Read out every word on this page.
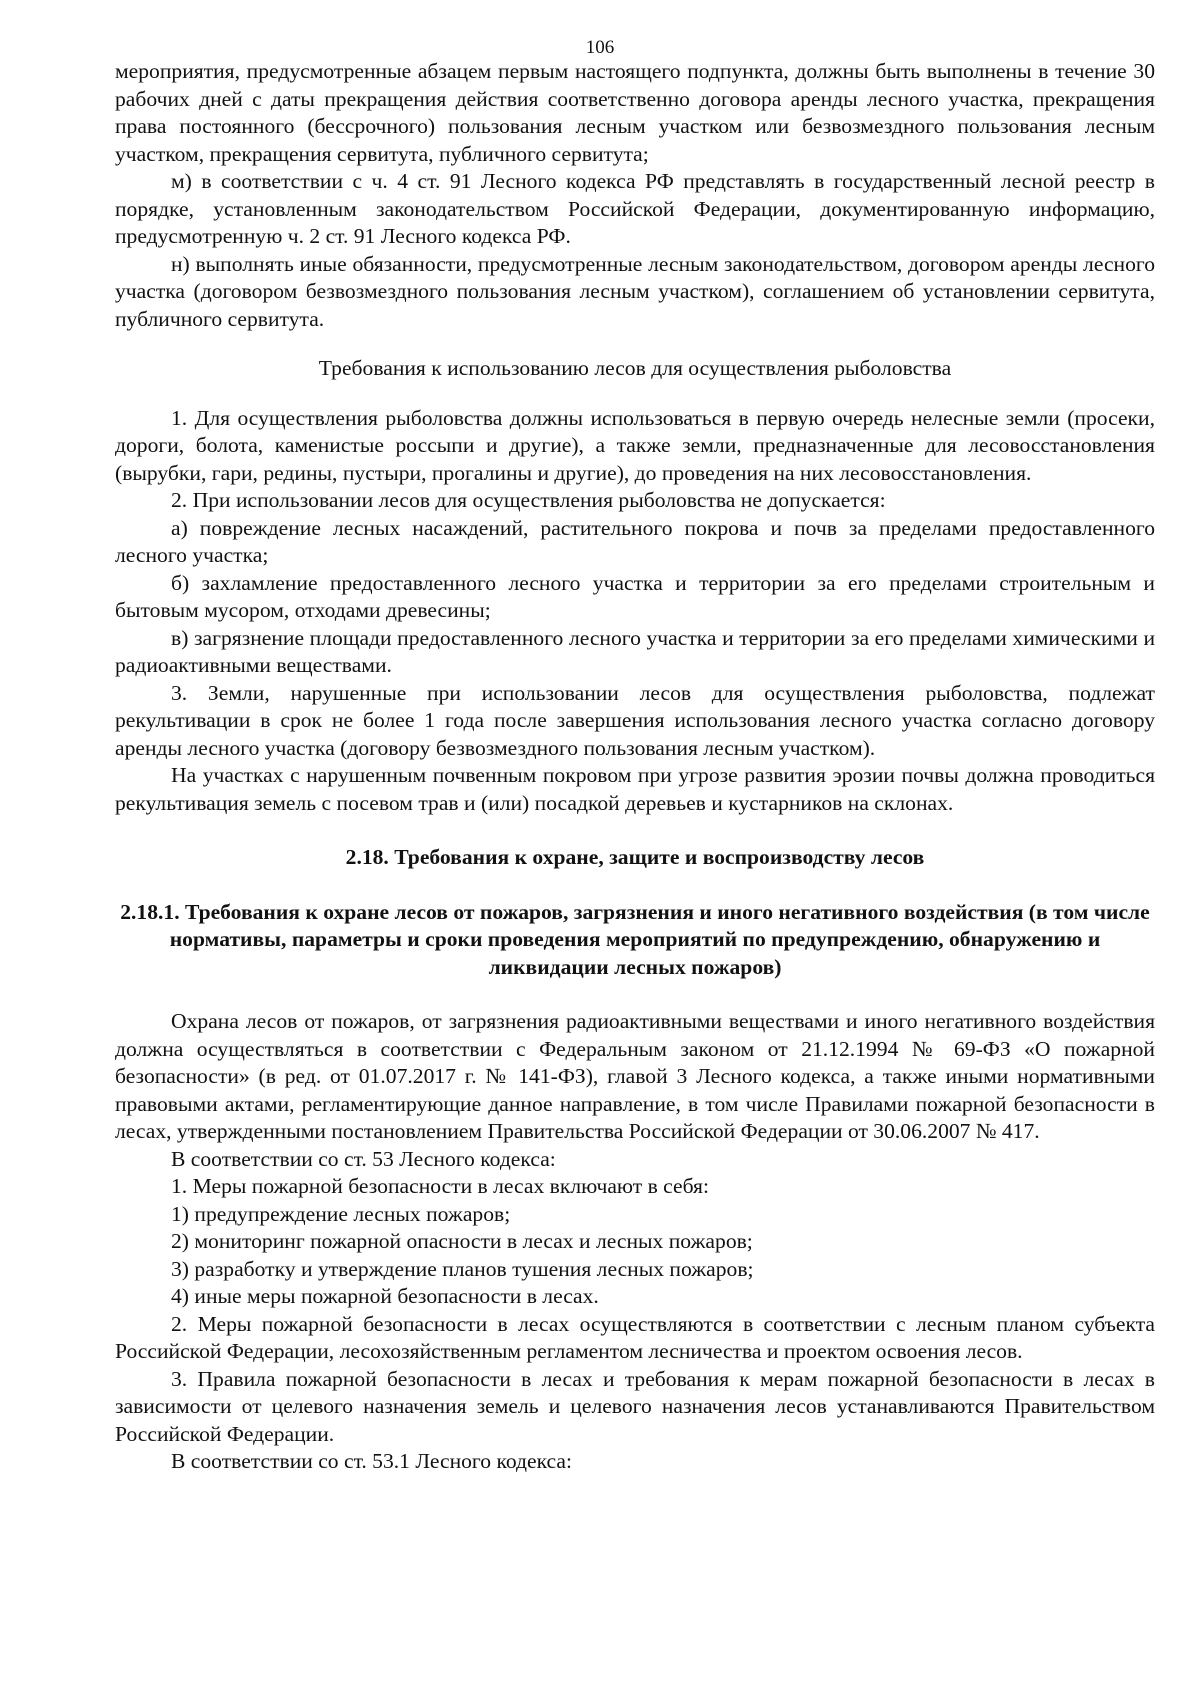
106

мероприятия, предусмотренные абзацем первым настоящего подпункта, должны быть выполнены в течение 30 рабочих дней с даты прекращения действия соответственно договора аренды лесного участка, прекращения права постоянного (бессрочного) пользования лесным участком или безвозмездного пользования лесным участком, прекращения сервитута, публичного сервитута;

м) в соответствии с ч. 4 ст. 91 Лесного кодекса РФ представлять в государственный лесной реестр в порядке, установленным законодательством Российской Федерации, документированную информацию, предусмотренную ч. 2 ст. 91 Лесного кодекса РФ.

н) выполнять иные обязанности, предусмотренные лесным законодательством, договором аренды лесного участка (договором безвозмездного пользования лесным участком), соглашением об установлении сервитута, публичного сервитута.

Требования к использованию лесов для осуществления рыболовства

1. Для осуществления рыболовства должны использоваться в первую очередь нелесные земли (просеки, дороги, болота, каменистые россыпи и другие), а также земли, предназначенные для лесовосстановления (вырубки, гари, редины, пустыри, прогалины и другие), до проведения на них лесовосстановления.

2. При использовании лесов для осуществления рыболовства не допускается:

а) повреждение лесных насаждений, растительного покрова и почв за пределами предоставленного лесного участка;

б) захламление предоставленного лесного участка и территории за его пределами строительным и бытовым мусором, отходами древесины;

в) загрязнение площади предоставленного лесного участка и территории за его пределами химическими и радиоактивными веществами.

3. Земли, нарушенные при использовании лесов для осуществления рыболовства, подлежат рекультивации в срок не более 1 года после завершения использования лесного участка согласно договору аренды лесного участка (договору безвозмездного пользования лесным участком).

На участках с нарушенным почвенным покровом при угрозе развития эрозии почвы должна проводиться рекультивация земель с посевом трав и (или) посадкой деревьев и кустарников на склонах.

2.18. Требования к охране, защите и воспроизводству лесов

2.18.1. Требования к охране лесов от пожаров, загрязнения и иного негативного воздействия (в том числе нормативы, параметры и сроки проведения мероприятий по предупреждению, обнаружению и ликвидации лесных пожаров)

Охрана лесов от пожаров, от загрязнения радиоактивными веществами и иного негативного воздействия должна осуществляться в соответствии с Федеральным законом от 21.12.1994 № 69-ФЗ «О пожарной безопасности» (в ред. от 01.07.2017 г. № 141-ФЗ), главой 3 Лесного кодекса, а также иными нормативными правовыми актами, регламентирующие данное направление, в том числе Правилами пожарной безопасности в лесах, утвержденными постановлением Правительства Российской Федерации от 30.06.2007 № 417.

В соответствии со ст. 53 Лесного кодекса:

1. Меры пожарной безопасности в лесах включают в себя:

1) предупреждение лесных пожаров;

2) мониторинг пожарной опасности в лесах и лесных пожаров;

3) разработку и утверждение планов тушения лесных пожаров;

4) иные меры пожарной безопасности в лесах.

2. Меры пожарной безопасности в лесах осуществляются в соответствии с лесным планом субъекта Российской Федерации, лесохозяйственным регламентом лесничества и проектом освоения лесов.

3. Правила пожарной безопасности в лесах и требования к мерам пожарной безопасности в лесах в зависимости от целевого назначения земель и целевого назначения лесов устанавливаются Правительством Российской Федерации.

В соответствии со ст. 53.1 Лесного кодекса:
